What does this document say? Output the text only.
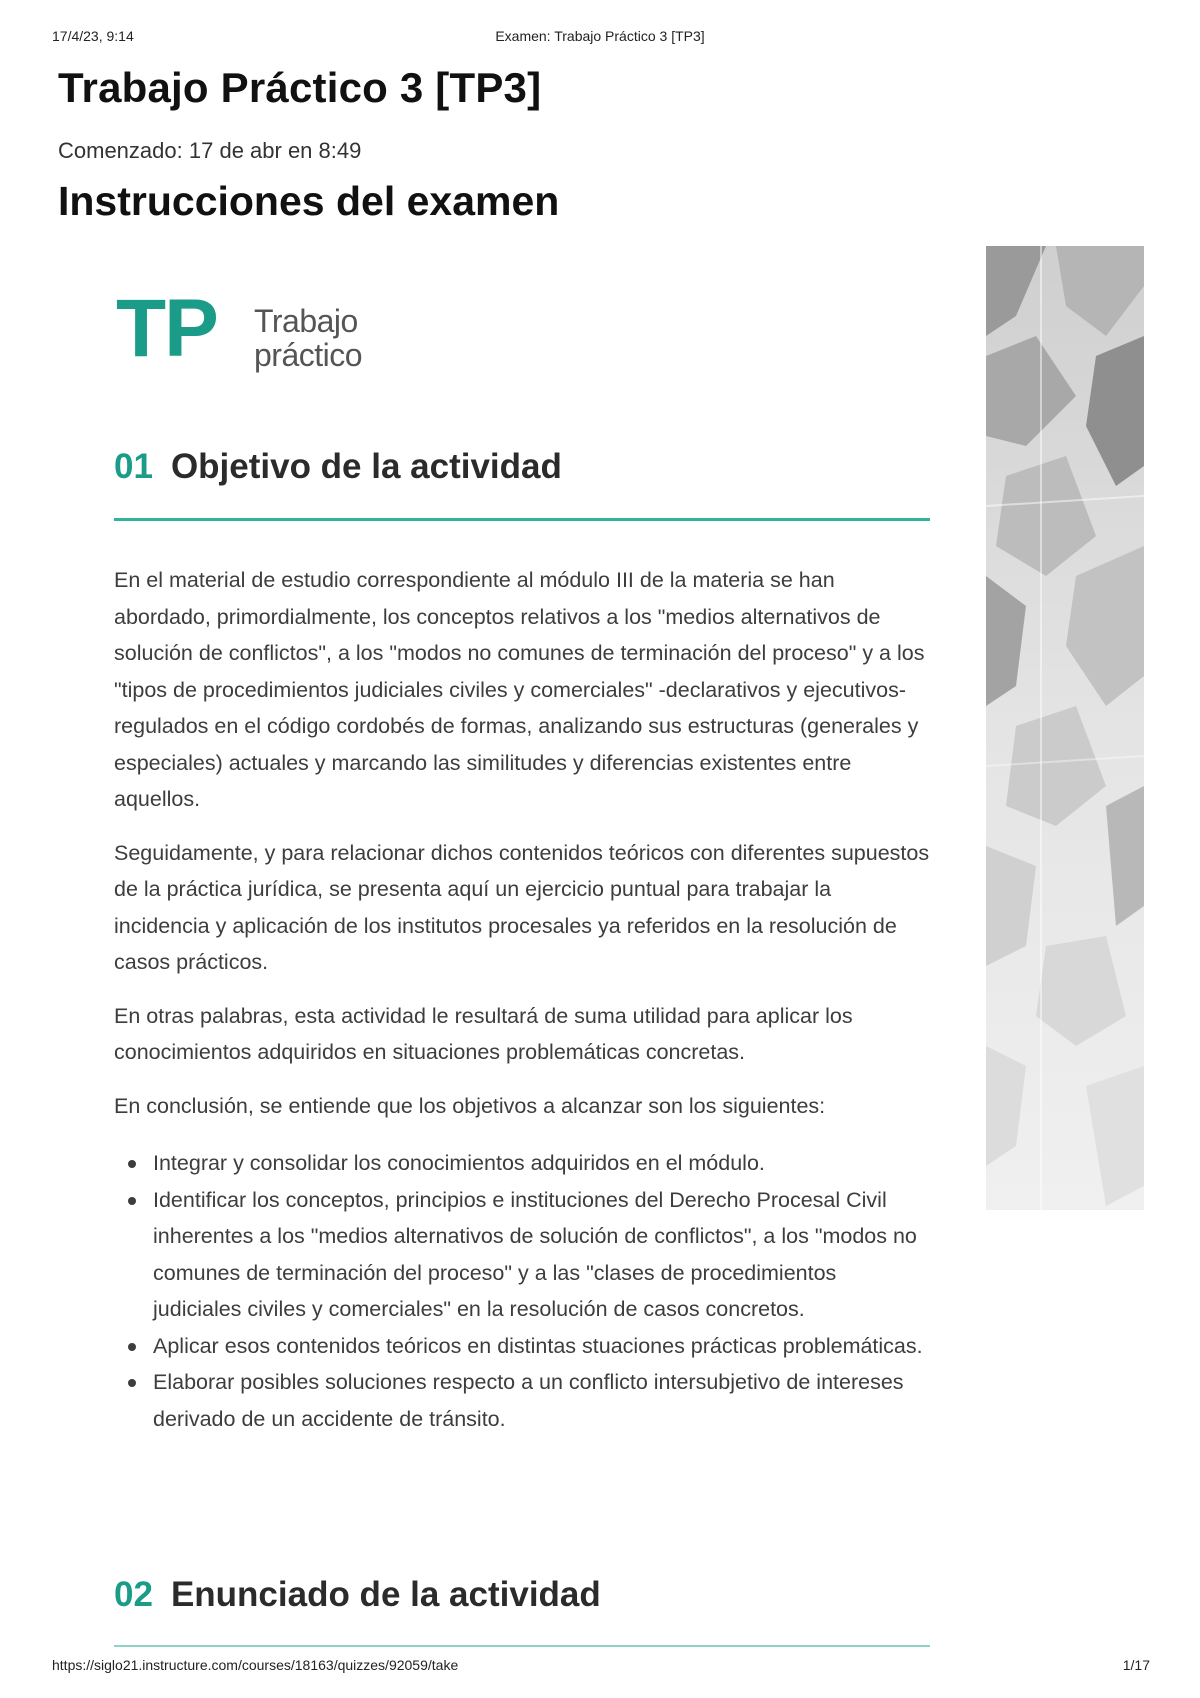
17/4/23, 9:14	Examen: Trabajo Práctico 3 [TP3]
Trabajo Práctico 3 [TP3]
Comenzado: 17 de abr en 8:49
Instrucciones del examen
TP Trabajo
práctico
01 Objetivo de la actividad

En el material de estudio correspondiente al módulo III de la materia se han abordado, primordialmente, los conceptos relativos a los "medios alternativos de solución de conflictos", a los "modos no comunes de terminación del proceso" y a los "tipos de procedimientos judiciales civiles y comerciales" -declarativos y ejecutivos- regulados en el código cordobés de formas, analizando sus estructuras (generales y especiales) actuales y marcando las similitudes y diferencias existentes entre aquellos.

Seguidamente, y para relacionar dichos contenidos teóricos con diferentes supuestos de la práctica jurídica, se presenta aquí un ejercicio puntual para trabajar la incidencia y aplicación de los institutos procesales ya referidos en la resolución de casos prácticos.

En otras palabras, esta actividad le resultará de suma utilidad para aplicar los conocimientos adquiridos en situaciones problemáticas concretas.

En conclusión, se entiende que los objetivos a alcanzar son los siguientes:

Integrar y consolidar los conocimientos adquiridos en el módulo.
Identificar los conceptos, principios e instituciones del Derecho Procesal Civil inherentes a los "medios alternativos de solución de conflictos", a los "modos no comunes de terminación del proceso" y a las "clases de procedimientos judiciales civiles y comerciales" en la resolución de casos concretos.
Aplicar esos contenidos teóricos en distintas stuaciones prácticas problemáticas.
Elaborar posibles soluciones respecto a un conflicto intersubjetivo de intereses derivado de un accidente de tránsito.
02 Enunciado de la actividad
https://siglo21.instructure.com/courses/18163/quizzes/92059/take	1/17
